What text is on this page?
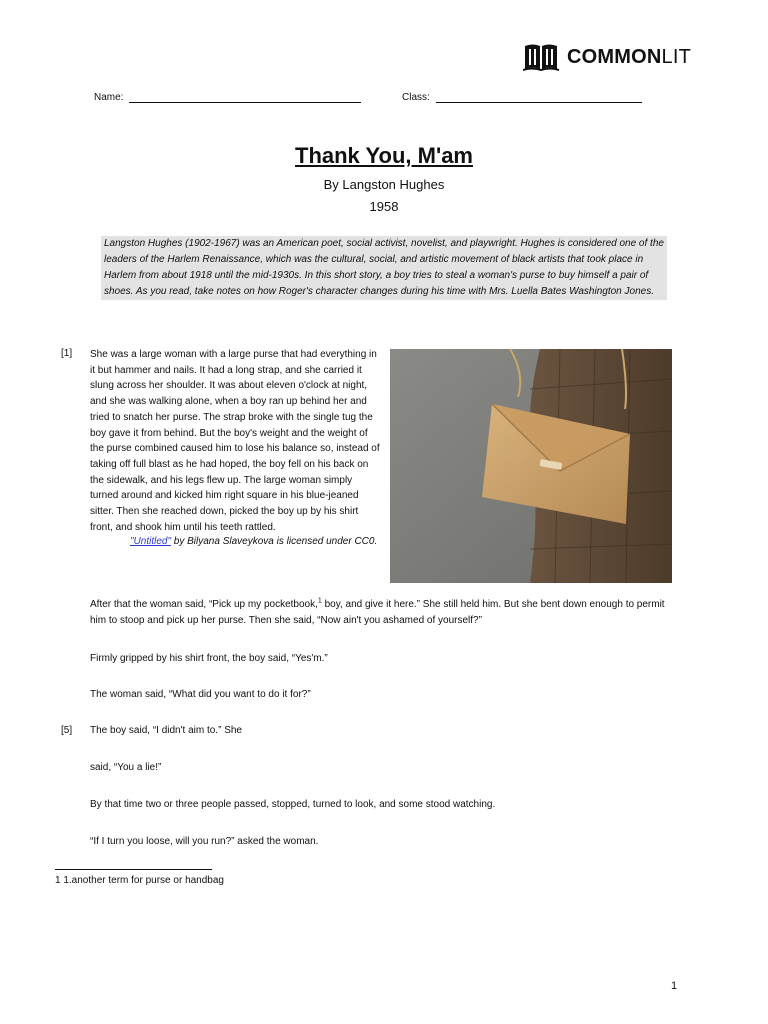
COMMONLIT
Name:	Class:
Thank You, M'am
By Langston Hughes
1958
Langston Hughes (1902-1967) was an American poet, social activist, novelist, and playwright. Hughes is considered one of the leaders of the Harlem Renaissance, which was the cultural, social, and artistic movement of black artists that took place in Harlem from about 1918 until the mid-1930s. In this short story, a boy tries to steal a woman's purse to buy himself a pair of shoes. As you read, take notes on how Roger's character changes during his time with Mrs. Luella Bates Washington Jones.
[1] She was a large woman with a large purse that had everything in it but hammer and nails. It had a long strap, and she carried it slung across her shoulder. It was about eleven o'clock at night, and she was walking alone, when a boy ran up behind her and tried to snatch her purse. The strap broke with the single tug the boy gave it from behind. But the boy's weight and the weight of the purse combined caused him to lose his balance so, instead of taking off full blast as he had hoped, the boy fell on his back on the sidewalk, and his legs flew up. The large woman simply turned around and kicked him right square in his blue-jeaned sitter. Then she reached down, picked the boy up by his shirt front, and shook him until his teeth rattled.
"Untitled" by Bilyana Slaveykova is licensed under CC0.
After that the woman said, “Pick up my pocketbook,$^1$ boy, and give it here.” She still held him. But she bent down enough to permit him to stoop and pick up her purse. Then she said, “Now ain't you ashamed of yourself?”
Firmly gripped by his shirt front, the boy said, “Yes'm.”
The woman said, “What did you want to do it for?”
[5] The boy said, “I didn't aim to.” She
said, “You a lie!”
By that time two or three people passed, stopped, turned to look, and some stood watching.
“If I turn you loose, will you run?” asked the woman.
1 1.another term for purse or handbag
1
